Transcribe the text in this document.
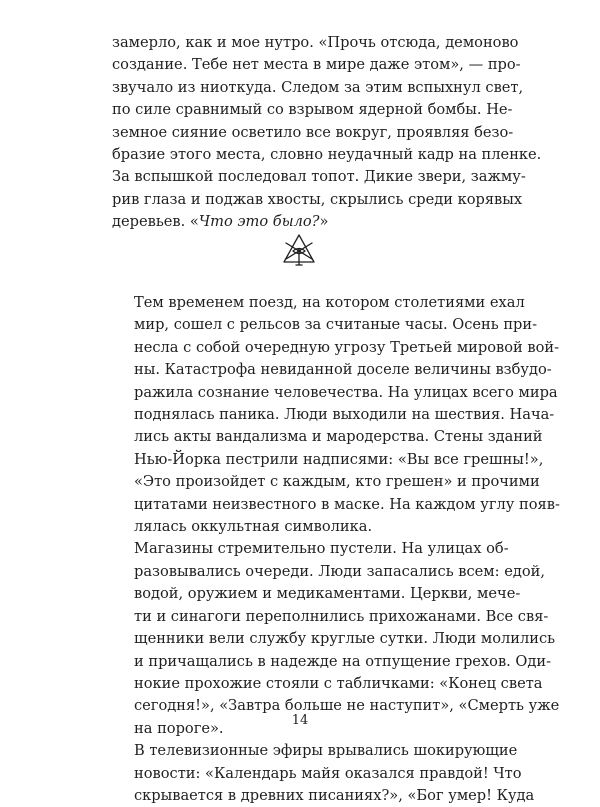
замерло, как и мое нутро. «Прочь отсюда, демоново
создание. Тебе нет места в мире даже этом», — про-
звучало из ниоткуда. Следом за этим вспыхнул свет,
по силе сравнимый со взрывом ядерной бомбы. Не-
земное сияние осветило все вокруг, проявляя безо-
бразие этого места, словно неудачный кадр на пленке.
За вспышкой последовал топот. Дикие звери, зажму-
рив глаза и поджав хвосты, скрылись среди корявых
деревьев. «Что это было?»

Тем временем поезд, на котором столетиями ехал
мир, сошел с рельсов за считаные часы. Осень при-
несла с собой очередную угрозу Третьей мировой вой-
ны. Катастрофа невиданной доселе величины взбудо-
ражила сознание человечества. На улицах всего мира
поднялась паника. Люди выходили на шествия. Нача-
лись акты вандализма и мародерства. Стены зданий
Нью-Йорка пестрили надписями: «Вы все грешны!»,
«Это произойдет с каждым, кто грешен» и прочими
цитатами неизвестного в маске. На каждом углу появ-
лялась оккультная символика.

Магазины стремительно пустели. На улицах об-
разовывались очереди. Люди запасались всем: едой,
водой, оружием и медикаментами. Церкви, мече-
ти и синагоги переполнились прихожанами. Все свя-
щенники вели службу круглые сутки. Люди молились
и причащались в надежде на отпущение грехов. Оди-
нокие прохожие стояли с табличками: «Конец света
сегодня!», «Завтра больше не наступит», «Смерть уже
на пороге».

В телевизионные эфиры врывались шокирующие
новости: «Календарь майя оказался правдой! Что
скрывается в древних писаниях?», «Бог умер! Куда

14
